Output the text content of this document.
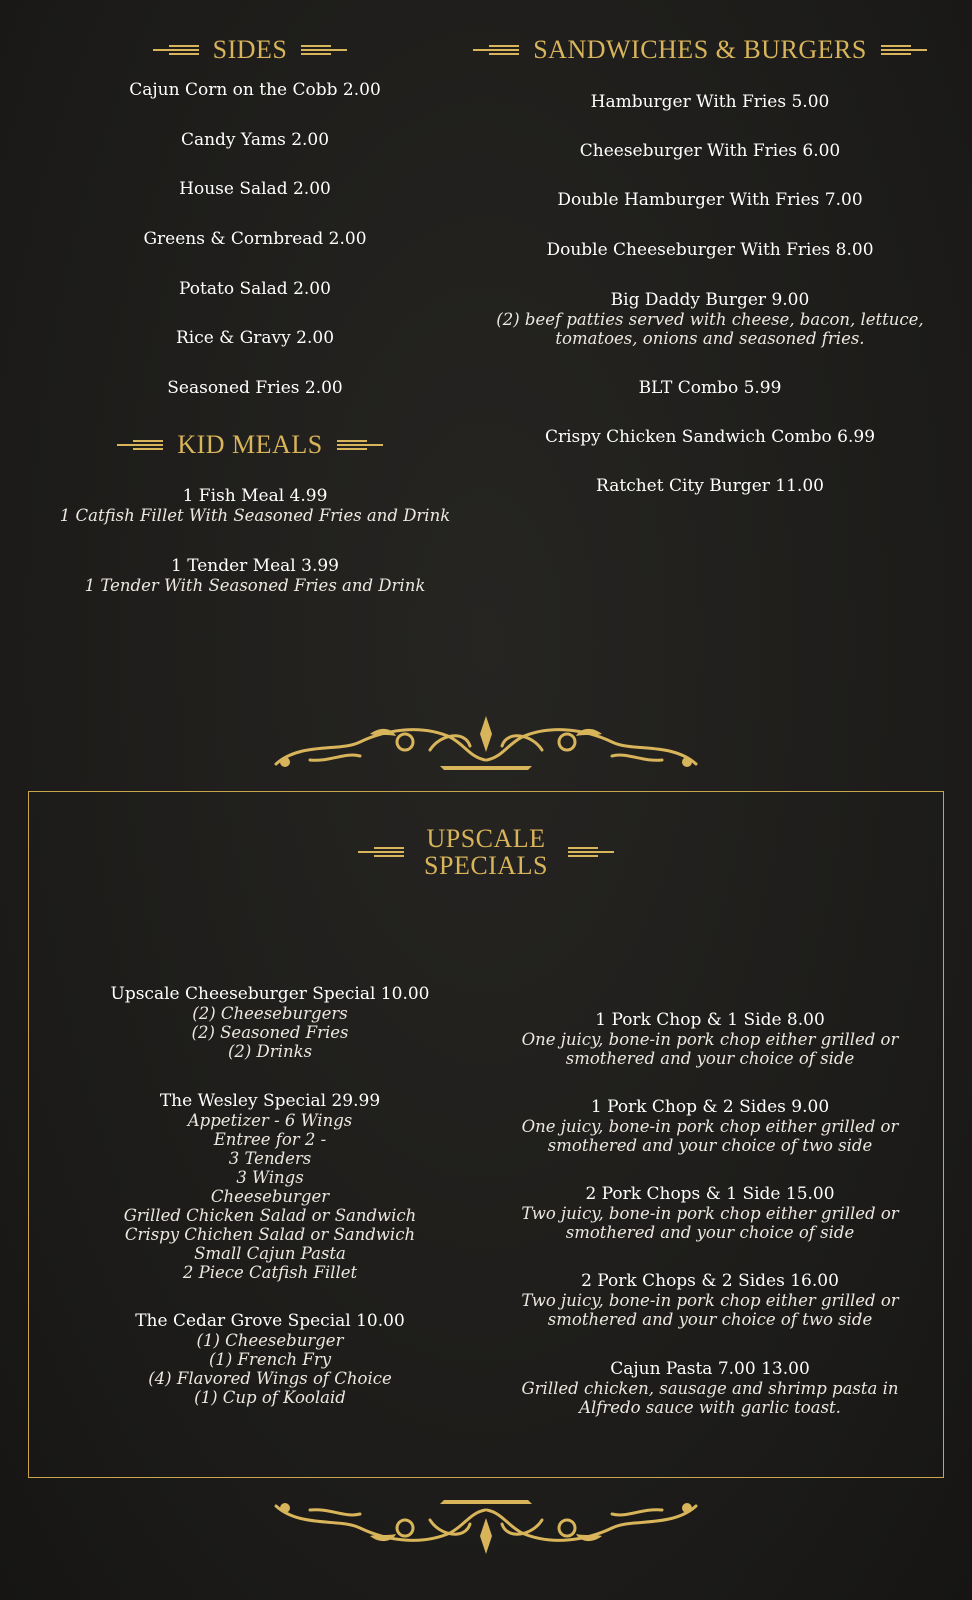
SIDES
Cajun Corn on the Cobb 2.00
Candy Yams 2.00
House Salad 2.00
Greens & Cornbread 2.00
Potato Salad 2.00
Rice & Gravy 2.00
Seasoned Fries 2.00
KID MEALS
1 Fish Meal 4.99
1 Catfish Fillet With Seasoned Fries and Drink
1 Tender Meal 3.99
1 Tender With Seasoned Fries and Drink
SANDWICHES & BURGERS
Hamburger With Fries 5.00
Cheeseburger With Fries 6.00
Double Hamburger With Fries 7.00
Double Cheeseburger With Fries 8.00
Big Daddy Burger 9.00
(2) beef patties served with cheese, bacon, lettuce,
tomatoes, onions and seasoned fries.
BLT Combo 5.99
Crispy Chicken Sandwich Combo 6.99
Ratchet City Burger 11.00
UPSCALE
SPECIALS
Upscale Cheeseburger Special 10.00
(2) Cheeseburgers
(2) Seasoned Fries
(2) Drinks
The Wesley Special 29.99
Appetizer - 6 Wings
Entree for 2 -
3 Tenders
3 Wings
Cheeseburger
Grilled Chicken Salad or Sandwich
Crispy Chichen Salad or Sandwich
Small Cajun Pasta
2 Piece Catfish Fillet
The Cedar Grove Special 10.00
(1) Cheeseburger
(1) French Fry
(4) Flavored Wings of Choice
(1) Cup of Koolaid
1 Pork Chop & 1 Side 8.00
One juicy, bone-in pork chop either grilled or
smothered and your choice of side
1 Pork Chop & 2 Sides 9.00
One juicy, bone-in pork chop either grilled or
smothered and your choice of two side
2 Pork Chops & 1 Side 15.00
Two juicy, bone-in pork chop either grilled or
smothered and your choice of side
2 Pork Chops & 2 Sides 16.00
Two juicy, bone-in pork chop either grilled or
smothered and your choice of two side
Cajun Pasta 7.00 13.00
Grilled chicken, sausage and shrimp pasta in
Alfredo sauce with garlic toast.
